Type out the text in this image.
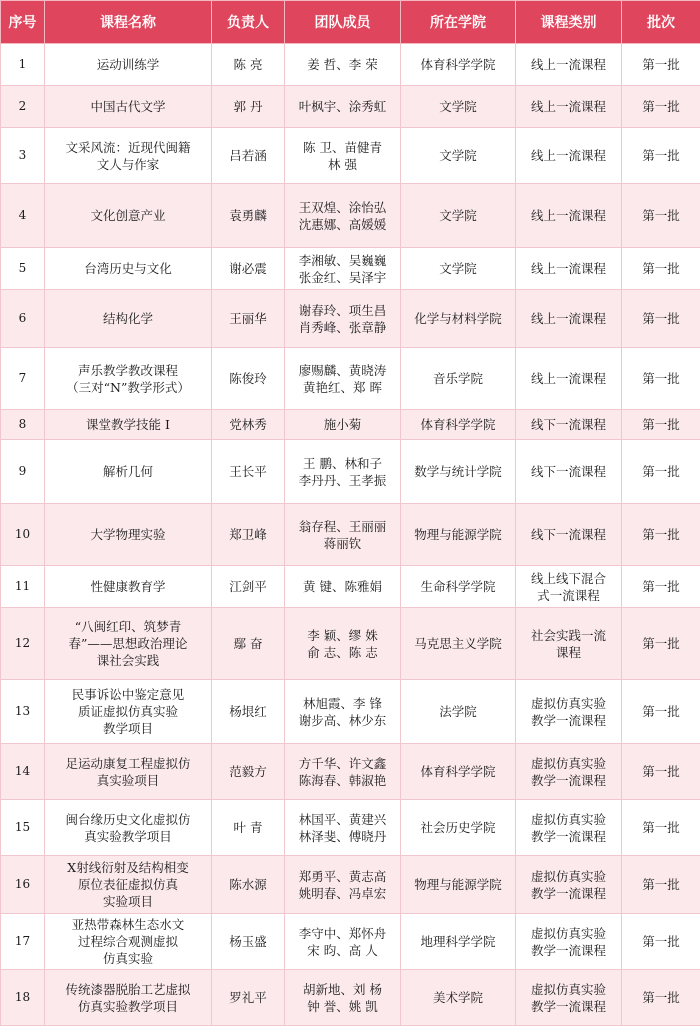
序号	课程名称	负责人	团队成员	所在学院	课程类别	批次
1	运动训练学	陈 亮	姜 哲、李 荣	体育科学学院	线上一流课程	第一批
2	中国古代文学	郭 丹	叶枫宇、涂秀虹	文学院	线上一流课程	第一批
3	文采风流：近现代闽籍
文人与作家	吕若涵	陈 卫、苗健青
林 强	文学院	线上一流课程	第一批
4	文化创意产业	袁勇麟	王双煌、涂怡弘
沈惠娜、高媛媛	文学院	线上一流课程	第一批
5	台湾历史与文化	谢必震	李湘敏、吴巍巍
张金红、吴泽宇	文学院	线上一流课程	第一批
6	结构化学	王丽华	谢春玲、项生昌
肖秀峰、张章静	化学与材料学院	线上一流课程	第一批
7	声乐教学教改课程
（三对“N”教学形式）	陈俊玲	廖赐麟、黄晓涛
黄艳红、郑 晖	音乐学院	线上一流课程	第一批
8	课堂教学技能 I	党林秀	施小菊	体育科学学院	线下一流课程	第一批
9	解析几何	王长平	王 鹏、林和子
李丹丹、王孝振	数学与统计学院	线下一流课程	第一批
10	大学物理实验	郑卫峰	翁存程、王丽丽
蒋丽钦	物理与能源学院	线下一流课程	第一批
11	性健康教育学	江剑平	黄 键、陈雅娟	生命科学学院	线上线下混合
式一流课程	第一批
12	“八闽红印、筑梦青
春”——思想政治理论
课社会实践	鄢 奋	李 颖、缪 姝
俞 志、陈 志	马克思主义学院	社会实践一流
课程	第一批
13	民事诉讼中鉴定意见
质证虚拟仿真实验
教学项目	杨垠红	林旭霞、李 锋
谢步高、林少东	法学院	虚拟仿真实验
教学一流课程	第一批
14	足运动康复工程虚拟仿
真实验项目	范毅方	方千华、许文鑫
陈海春、韩淑艳	体育科学学院	虚拟仿真实验
教学一流课程	第一批
15	闽台缘历史文化虚拟仿
真实验教学项目	叶 青	林国平、黄建兴
林泽斐、傅晓丹	社会历史学院	虚拟仿真实验
教学一流课程	第一批
16	X射线衍射及结构相变
原位表征虚拟仿真
实验项目	陈水源	郑勇平、黄志高
姚明春、冯卓宏	物理与能源学院	虚拟仿真实验
教学一流课程	第一批
17	亚热带森林生态水文
过程综合观测虚拟
仿真实验	杨玉盛	李守中、郑怀舟
宋 昀、高 人	地理科学学院	虚拟仿真实验
教学一流课程	第一批
18	传统漆器脱胎工艺虚拟
仿真实验教学项目	罗礼平	胡新地、刘 杨
钟 誉、姚 凯	美术学院	虚拟仿真实验
教学一流课程	第一批
